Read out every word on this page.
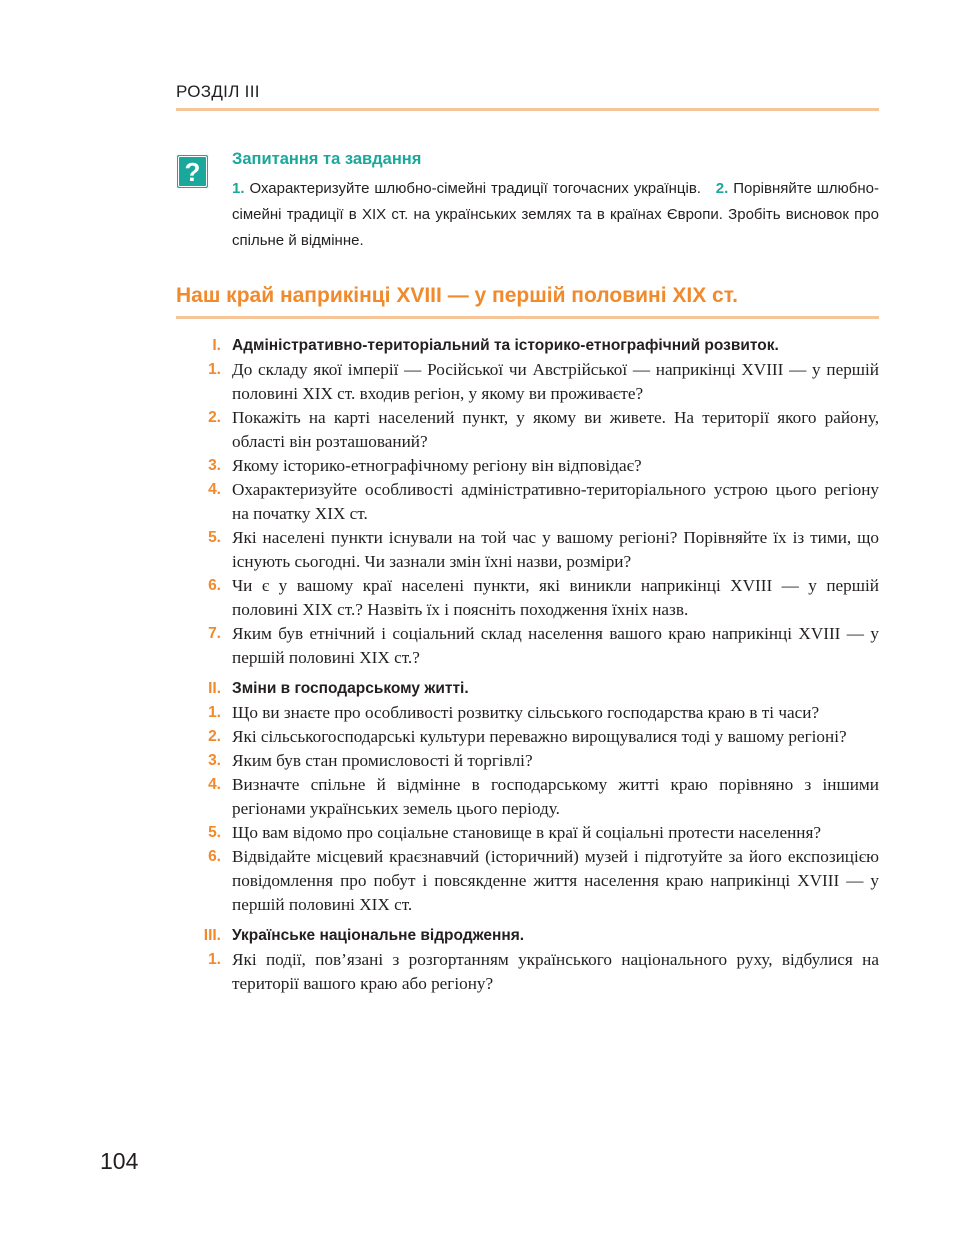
РОЗДІЛ III
?	Запитання та завдання
1. Охарактеризуйте шлюбно-сімейні традиції тогочасних українців. 2. Порівняйте шлюбно-сімейні традиції в XIX ст. на українських землях та в країнах Європи. Зробіть висновок про спільне й відмінне.
Наш край наприкінці XVIII — у першій половині XIX ст.
I. Адміністративно-територіальний та історико-етнографічний розвиток.
1. До складу якої імперії — Російської чи Австрійської — наприкінці XVIII — у першій половині XIX ст. входив регіон, у якому ви проживаєте?
2. Покажіть на карті населений пункт, у якому ви живете. На території якого району, області він розташований?
3. Якому історико-етнографічному регіону він відповідає?
4. Охарактеризуйте особливості адміністративно-територіального устрою цього регіону на початку XIX ст.
5. Які населені пункти існували на той час у вашому регіоні? Порівняйте їх із тими, що існують сьогодні. Чи зазнали змін їхні назви, розміри?
6. Чи є у вашому краї населені пункти, які виникли наприкінці XVIII — у першій половині XIX ст.? Назвіть їх і поясніть походження їхніх назв.
7. Яким був етнічний і соціальний склад населення вашого краю наприкінці XVIII — у першій половині XIX ст.?
II. Зміни в господарському житті.
1. Що ви знаєте про особливості розвитку сільського господарства краю в ті часи?
2. Які сільськогосподарські культури переважно вирощувалися тоді у вашому регіоні?
3. Яким був стан промисловості й торгівлі?
4. Визначте спільне й відмінне в господарському житті краю порівняно з іншими регіонами українських земель цього періоду.
5. Що вам відомо про соціальне становище в краї й соціальні протести населення?
6. Відвідайте місцевий краєзнавчий (історичний) музей і підготуйте за його експозицією повідомлення про побут і повсякденне життя населення краю наприкінці XVIII — у першій половині XIX ст.
III. Українське національне відродження.
1. Які події, пов’язані з розгортанням українського національного руху, відбулися на території вашого краю або регіону?
104
